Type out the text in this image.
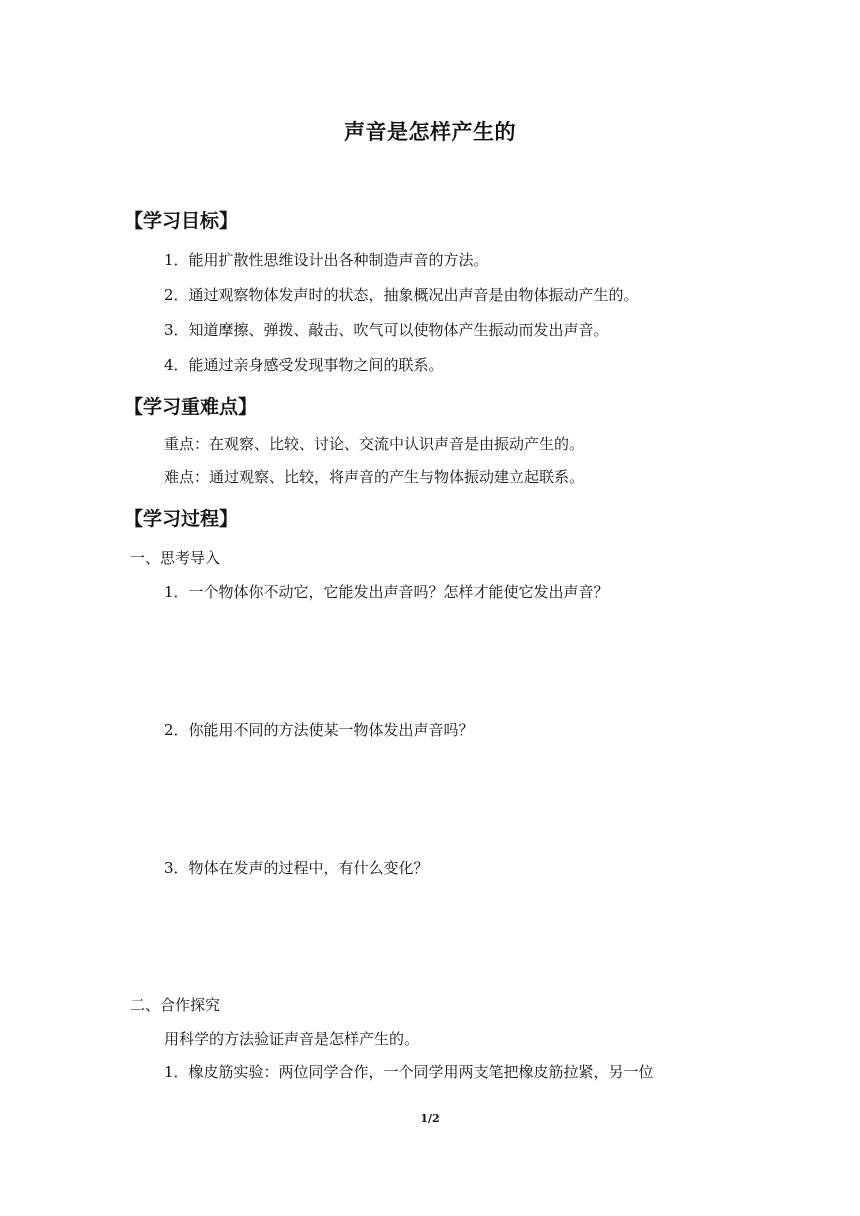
声音是怎样产生的
【学习目标】
1．能用扩散性思维设计出各种制造声音的方法。
2．通过观察物体发声时的状态，抽象概况出声音是由物体振动产生的。
3．知道摩擦、弹拨、敲击、吹气可以使物体产生振动而发出声音。
4．能通过亲身感受发现事物之间的联系。
【学习重难点】
重点：在观察、比较、讨论、交流中认识声音是由振动产生的。
难点：通过观察、比较，将声音的产生与物体振动建立起联系。
【学习过程】
一、思考导入
1．一个物体你不动它，它能发出声音吗？怎样才能使它发出声音？
2．你能用不同的方法使某一物体发出声音吗？
3．物体在发声的过程中，有什么变化？
二、合作探究
用科学的方法验证声音是怎样产生的。
1．橡皮筋实验：两位同学合作，一个同学用两支笔把橡皮筋拉紧，另一位
1/2
